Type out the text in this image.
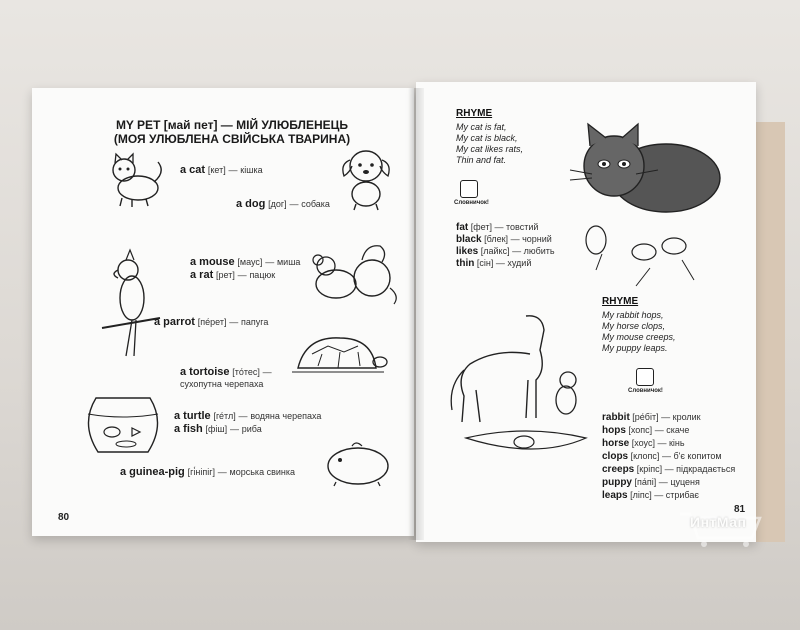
MY PET [май пет] — МІЙ УЛЮБЛЕНЕЦЬ
(МОЯ УЛЮБЛЕНА СВІЙСЬКА ТВАРИНА)
a cat [кет] — кішка
a dog [дог] — собака
a parrot [пе́рет] — папуга
a mouse [маус] — миша
a rat [рет] — пацюк
a tortoise [то́тес] —
сухопутна черепаха
a turtle [ге́тл] — водяна черепаха
a fish [фіш] — риба
a guinea-pig [гі́ніпіг] — морська свинка
80
RHYME
My cat is fat,
My cat is black,
My cat likes rats,
Thin and fat.
Словничок!
fat [фет] — товстий
black [блек] — чорний
likes [лайкс] — любить
thin [сін] — худий
RHYME
My rabbit hops,
My horse clops,
My mouse creeps,
My puppy leaps.
Словничок!
rabbit [ре́біт] — кролик
hops [хопс] — скаче
horse [хоус] — кінь
clops [клопс] — б'є копитом
creeps [кріпс] — підкрадається
puppy [па́пі] — цуценя
leaps [ліпс] — стрибає
81
ИнтМап
